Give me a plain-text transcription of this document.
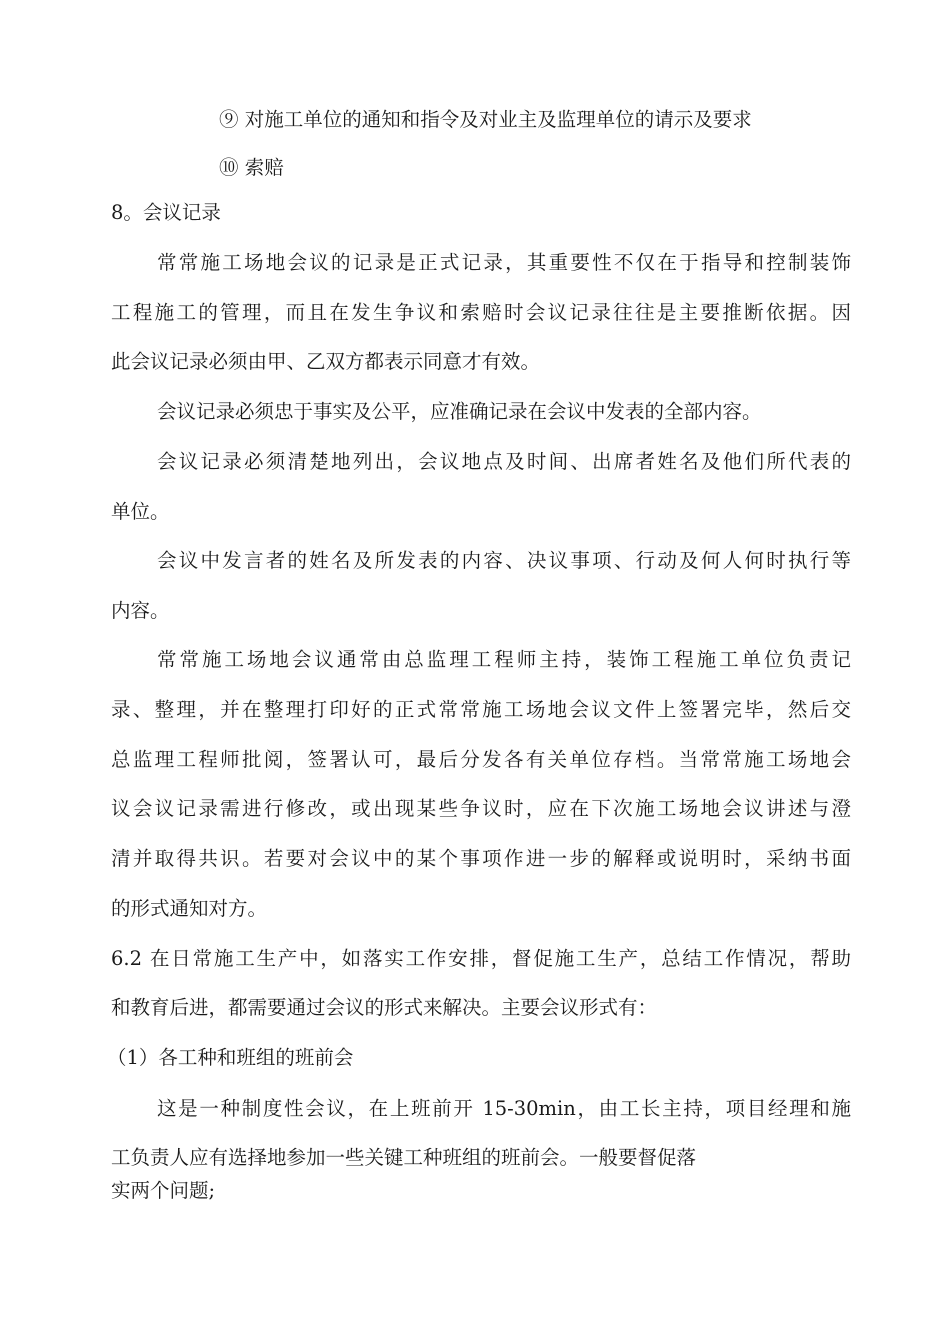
⑨ 对施工单位的通知和指令及对业主及监理单位的请示及要求
⑩ 索赔
8。会议记录
常常施工场地会议的记录是正式记录，其重要性不仅在于指导和控制装饰
工程施工的管理，而且在发生争议和索赔时会议记录往往是主要推断依据。因
此会议记录必须由甲、乙双方都表示同意才有效。
会议记录必须忠于事实及公平，应准确记录在会议中发表的全部内容。
会议记录必须清楚地列出，会议地点及时间、出席者姓名及他们所代表的
单位。
会议中发言者的姓名及所发表的内容、决议事项、行动及何人何时执行等
内容。
常常施工场地会议通常由总监理工程师主持，装饰工程施工单位负责记
录、整理，并在整理打印好的正式常常施工场地会议文件上签署完毕，然后交
总监理工程师批阅，签署认可，最后分发各有关单位存档。当常常施工场地会
议会议记录需进行修改，或出现某些争议时，应在下次施工场地会议讲述与澄
清并取得共识。若要对会议中的某个事项作进一步的解释或说明时，采纳书面
的形式通知对方。
6.2 在日常施工生产中，如落实工作安排，督促施工生产，总结工作情况，帮助
和教育后进，都需要通过会议的形式来解决。主要会议形式有：
（1）各工种和班组的班前会
这是一种制度性会议，在上班前开 15-30min，由工长主持，项目经理和施
工负责人应有选择地参加一些关键工种班组的班前会。一般要督促落
实两个问题;
